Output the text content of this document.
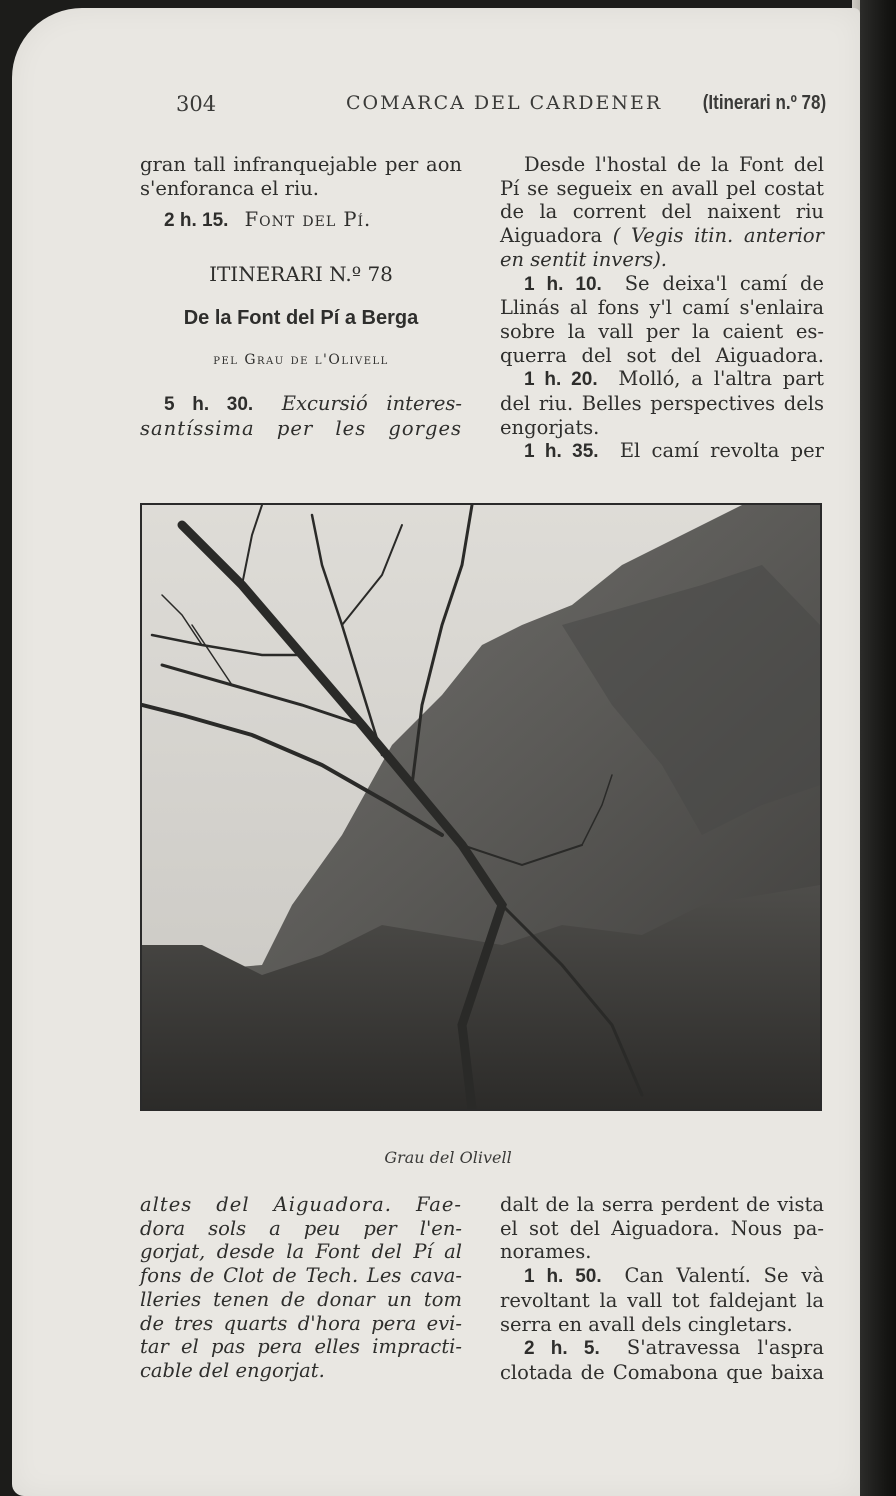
304	COMARCA DEL CARDENER (Itinerari n.º 78)

gran tall infranquejable per aon

s'enforanca el riu.

2 h. 15. Font del Pí.

ITINERARI N.º 78

De la Font del Pí a Berga

pel Grau de l'Olivell

5 h. 30. Excursió interes-

santíssima per les gorges

Desde l'hostal de la Font del

Pí se segueix en avall pel costat

de la corrent del naixent riu

Aiguadora ( Vegis itin. anterior

en sentit invers).

1 h. 10. Se deixa'l camí de

Llinás al fons y'l camí s'enlaira

sobre la vall per la caient es-

querra del sot del Aiguadora.

1 h. 20. Molló, a l'altra part

del riu. Belles perspectives dels

engorjats.

1 h. 35. El camí revolta per

Grau del Olivell

altes del Aiguadora. Fae-

dora sols a peu per l'en-

gorjat, desde la Font del Pí al

fons de Clot de Tech. Les cava-

lleries tenen de donar un tom

de tres quarts d'hora pera evi-

tar el pas pera elles impracti-

cable del engorjat.

dalt de la serra perdent de vista

el sot del Aiguadora. Nous pa-

norames.

1 h. 50. Can Valentí. Se và

revoltant la vall tot faldejant la

serra en avall dels cingletars.

2 h. 5. S'atravessa l'aspra

clotada de Comabona que baixa
